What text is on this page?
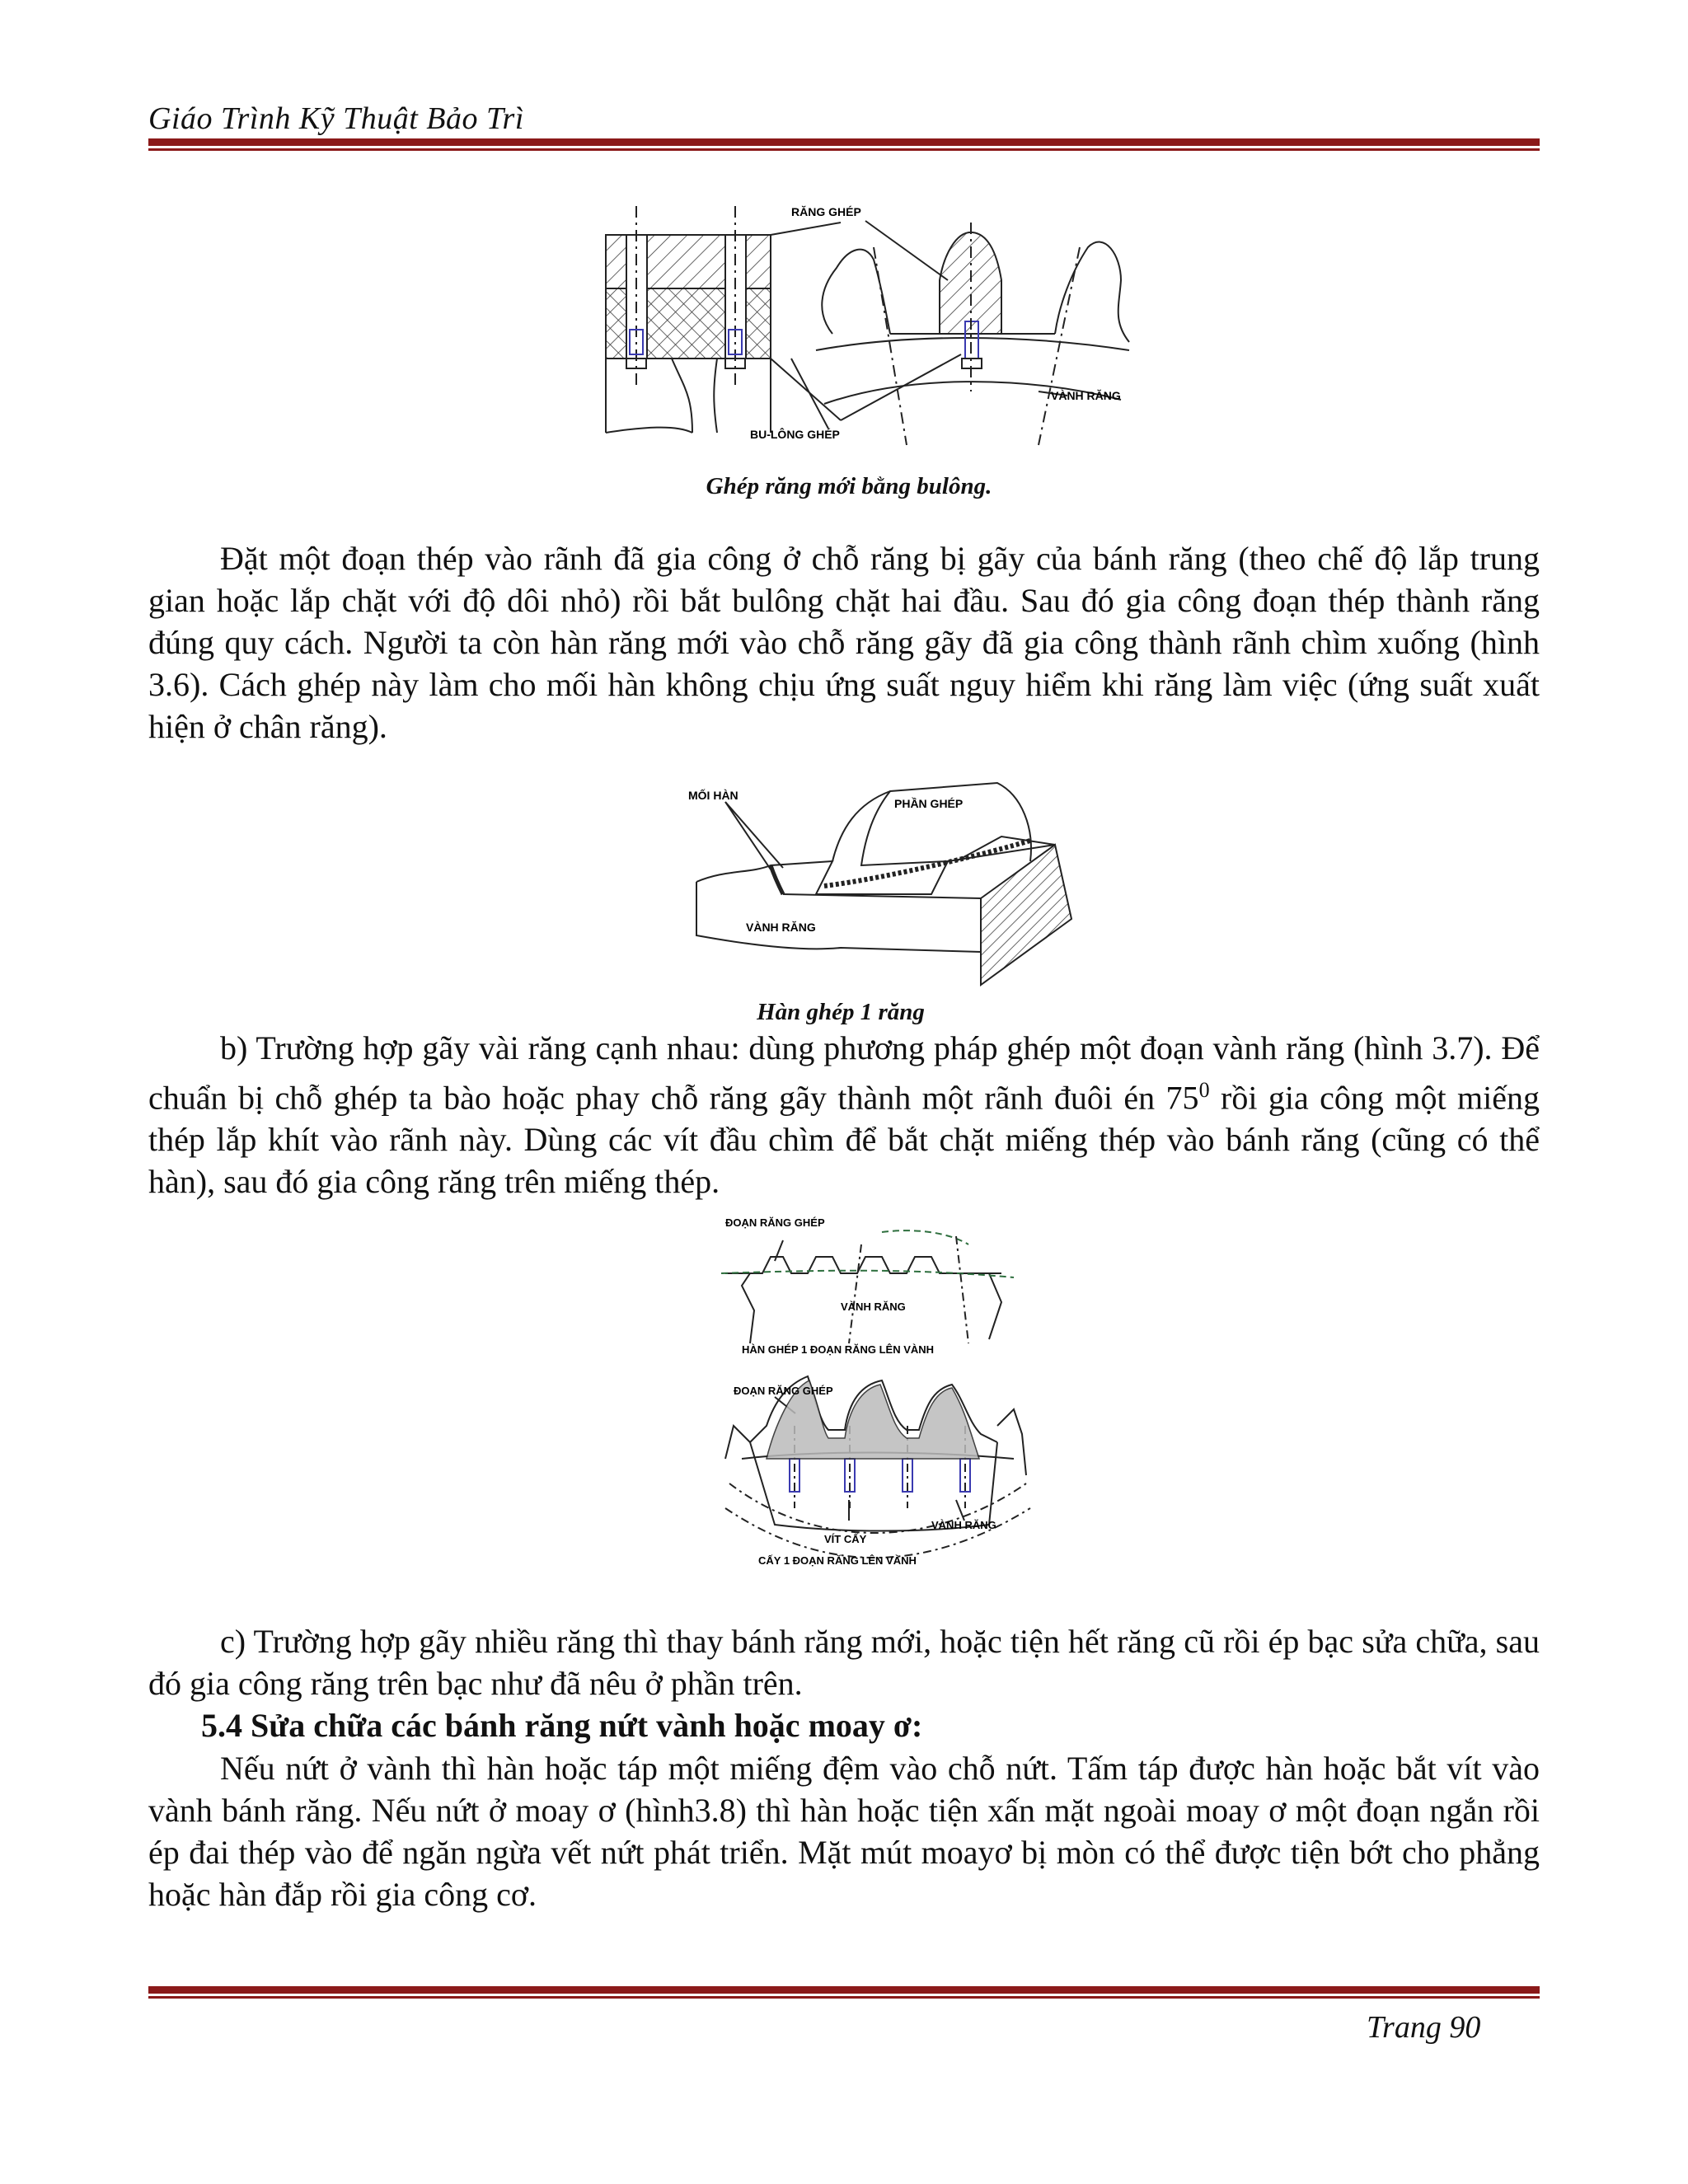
Giáo Trình Kỹ Thuật Bảo Trì
RĂNG GHÉP
VÀNH RĂNG
BU-LÔNG GHÉP
Ghép răng mới bằng bulông.

Đặt một đoạn thép vào rãnh đã gia công ở chỗ răng bị gãy của bánh răng (theo chế độ lắp trung gian hoặc lắp chặt với độ dôi nhỏ) rồi bắt bulông chặt hai đầu. Sau đó gia công đoạn thép thành răng đúng quy cách. Người ta còn hàn răng mới vào chỗ răng gãy đã gia công thành rãnh chìm xuống (hình 3.6). Cách ghép này làm cho mối hàn không chịu ứng suất nguy hiểm khi răng làm việc (ứng suất xuất hiện ở chân răng).

MỐI HÀN
PHẦN GHÉP
VÀNH RĂNG
Hàn ghép 1 răng

b) Trường hợp gãy vài răng cạnh nhau: dùng phương pháp ghép một đoạn vành răng (hình 3.7). Để chuẩn bị chỗ ghép ta bào hoặc phay chỗ răng gãy thành một rãnh đuôi én $75^0$ rồi gia công một miếng thép lắp khít vào rãnh này. Dùng các vít đầu chìm để bắt chặt miếng thép vào bánh răng (cũng có thể hàn), sau đó gia công răng trên miếng thép.

ĐOẠN RĂNG GHÉP
VÀNH RĂNG
HÀN GHÉP 1 ĐOẠN RĂNG LÊN VÀNH
ĐOẠN RĂNG GHÉP
VÍT CẤY
VÀNH RĂNG
CẤY 1 ĐOẠN RĂNG LÊN VÀNH

c) Trường hợp gãy nhiều răng thì thay bánh răng mới, hoặc tiện hết răng cũ rồi ép bạc sửa chữa, sau đó gia công răng trên bạc như đã nêu ở phần trên.

5.4 Sửa chữa các bánh răng nứt vành hoặc moay ơ:

Nếu nứt ở vành thì hàn hoặc táp một miếng đệm vào chỗ nứt. Tấm táp được hàn hoặc bắt vít vào vành bánh răng. Nếu nứt ở moay ơ (hình3.8) thì hàn hoặc tiện xấn mặt ngoài moay ơ một đoạn ngắn rồi ép đai thép vào để ngăn ngừa vết nứt phát triển. Mặt mút moayơ bị mòn có thể được tiện bớt cho phẳng hoặc hàn đắp rồi gia công cơ.

Trang 90
